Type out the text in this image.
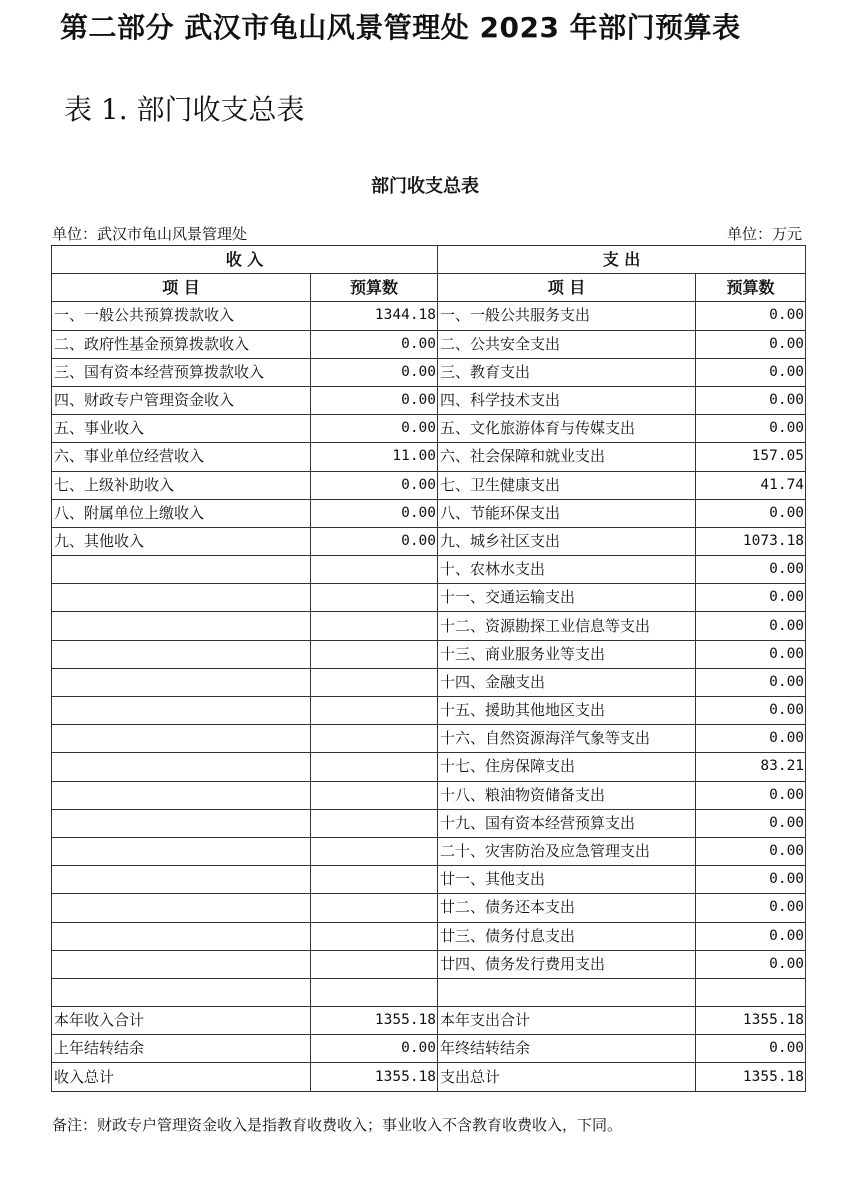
第二部分 武汉市龟山风景管理处 2023 年部门预算表
表 1. 部门收支总表
部门收支总表
单位：武汉市龟山风景管理处	单位：万元
收 入		支 出	
项 目	预算数	项 目	预算数
一、一般公共预算拨款收入	1344.18	一、一般公共服务支出	0.00
二、政府性基金预算拨款收入	0.00	二、公共安全支出	0.00
三、国有资本经营预算拨款收入	0.00	三、教育支出	0.00
四、财政专户管理资金收入	0.00	四、科学技术支出	0.00
五、事业收入	0.00	五、文化旅游体育与传媒支出	0.00
六、事业单位经营收入	11.00	六、社会保障和就业支出	157.05
七、上级补助收入	0.00	七、卫生健康支出	41.74
八、附属单位上缴收入	0.00	八、节能环保支出	0.00
九、其他收入	0.00	九、城乡社区支出	1073.18
		十、农林水支出	0.00
		十一、交通运输支出	0.00
		十二、资源勘探工业信息等支出	0.00
		十三、商业服务业等支出	0.00
		十四、金融支出	0.00
		十五、援助其他地区支出	0.00
		十六、自然资源海洋气象等支出	0.00
		十七、住房保障支出	83.21
		十八、粮油物资储备支出	0.00
		十九、国有资本经营预算支出	0.00
		二十、灾害防治及应急管理支出	0.00
		廿一、其他支出	0.00
		廿二、债务还本支出	0.00
		廿三、债务付息支出	0.00
		廿四、债务发行费用支出	0.00

本年收入合计	1355.18	本年支出合计	1355.18
上年结转结余	0.00	年终结转结余	0.00
收入总计	1355.18	支出总计	1355.18
备注：财政专户管理资金收入是指教育收费收入；事业收入不含教育收费收入，下同。
